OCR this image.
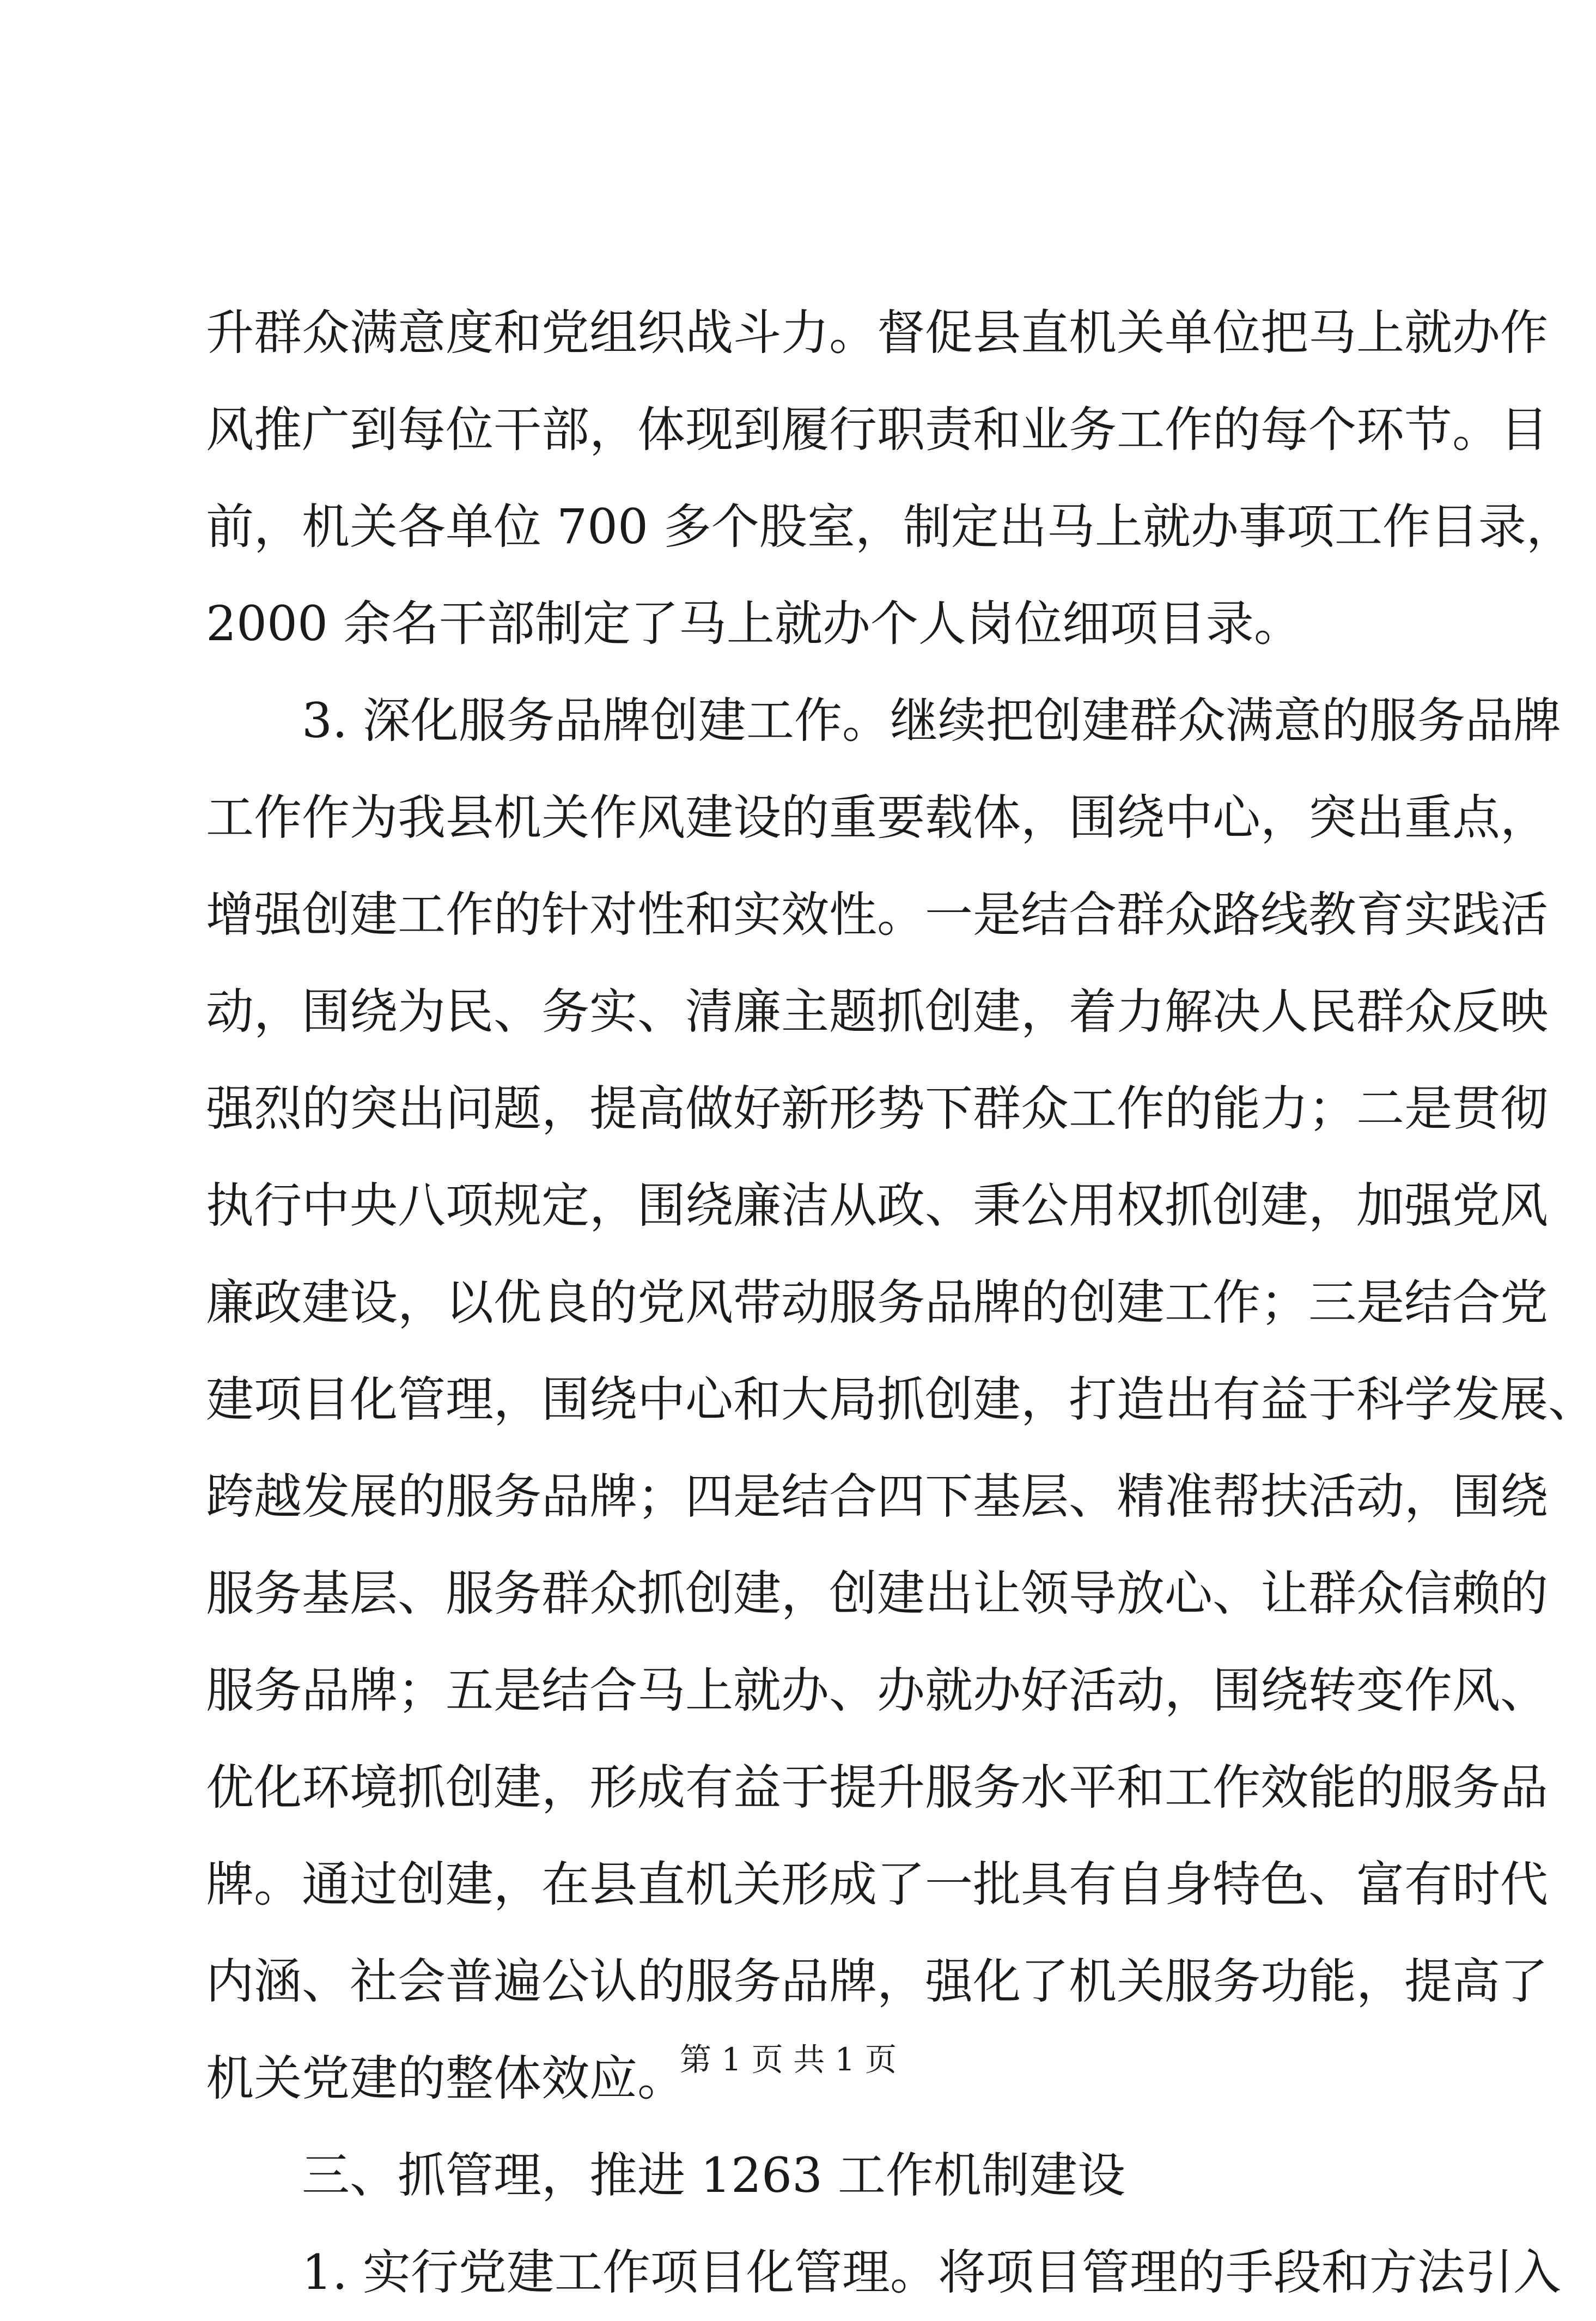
升群众满意度和党组织战斗力。督促县直机关单位把马上就办作
风推广到每位干部，体现到履行职责和业务工作的每个环节。目
前，机关各单位 700 多个股室，制定出马上就办事项工作目录，
2000 余名干部制定了马上就办个人岗位细项目录。
3. 深化服务品牌创建工作。继续把创建群众满意的服务品牌
工作作为我县机关作风建设的重要载体，围绕中心，突出重点，
增强创建工作的针对性和实效性。一是结合群众路线教育实践活
动，围绕为民、务实、清廉主题抓创建，着力解决人民群众反映
强烈的突出问题，提高做好新形势下群众工作的能力；二是贯彻
执行中央八项规定，围绕廉洁从政、秉公用权抓创建，加强党风
廉政建设，以优良的党风带动服务品牌的创建工作；三是结合党
建项目化管理，围绕中心和大局抓创建，打造出有益于科学发展、
跨越发展的服务品牌；四是结合四下基层、精准帮扶活动，围绕
服务基层、服务群众抓创建，创建出让领导放心、让群众信赖的
服务品牌；五是结合马上就办、办就办好活动，围绕转变作风、
优化环境抓创建，形成有益于提升服务水平和工作效能的服务品
牌。通过创建，在县直机关形成了一批具有自身特色、富有时代
内涵、社会普遍公认的服务品牌，强化了机关服务功能，提高了
机关党建的整体效应。
三、抓管理，推进 1263 工作机制建设
1. 实行党建工作项目化管理。将项目管理的手段和方法引入
第 1 页 共 1 页
